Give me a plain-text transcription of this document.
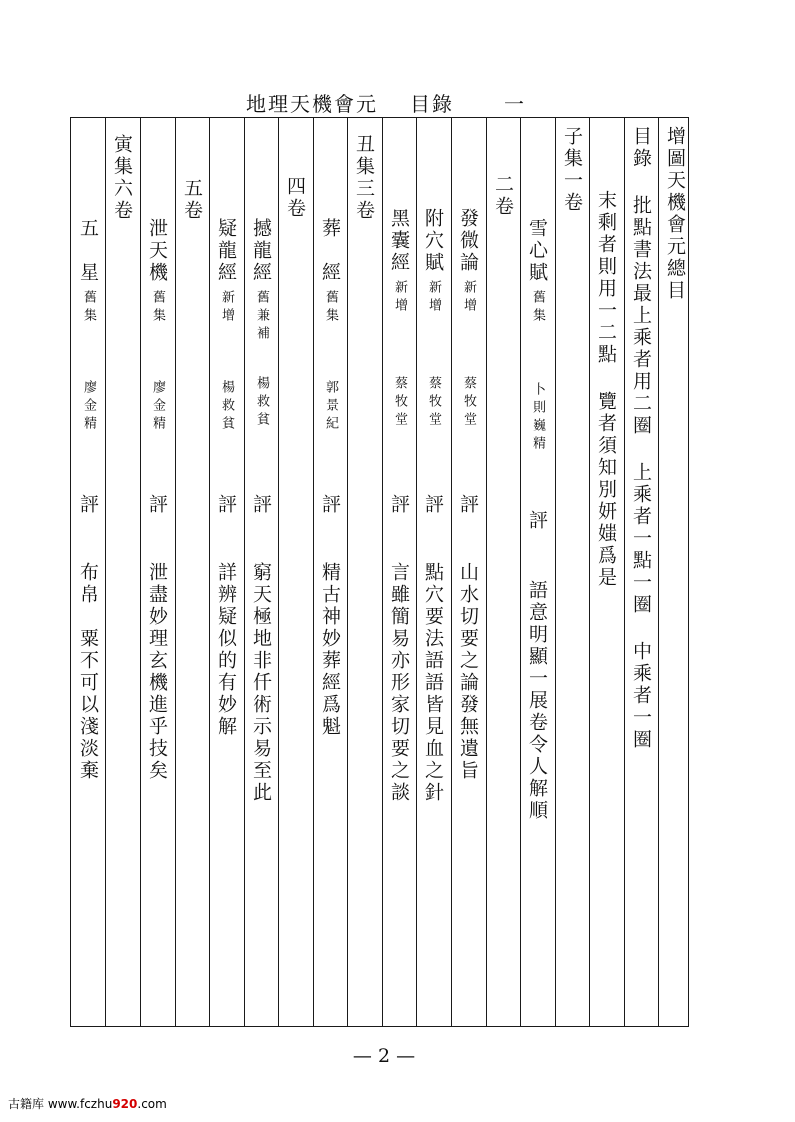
地理天機會元 目錄	一
增圖天機會元總目
目錄 批點書法最上乘者用二圈 上乘者一點一圈 中乘者一圈
末剩者則用一二點 覽者須知別妍媸爲是
子集一卷
雪心賦
舊集
卜則巍精
評
語意明顯一展卷令人解順
二卷
發微論
新增
蔡牧堂
評
山水切要之論發無遺旨
附穴賦
新增
蔡牧堂
評
點穴要法語語皆見血之針
黑囊經
新增
蔡牧堂
評
言雖簡易亦形家切要之談
丑集三卷
葬　經
舊集
郭景紀
評
精古神妙葬經爲魁
四卷
撼龍經
舊兼補
楊救貧
評
窮天極地非仟術示易至此
疑龍經
新增
楊救貧
評
詳辨疑似的有妙解
五卷
泄天機
舊集
廖金精
評
泄盡妙理玄機進乎技矣
寅集六卷
五　星
舊集
廖金精
評
布帛　粟不可以淺淡棄
— 2 —
古籍库 www.fczhu920.com
